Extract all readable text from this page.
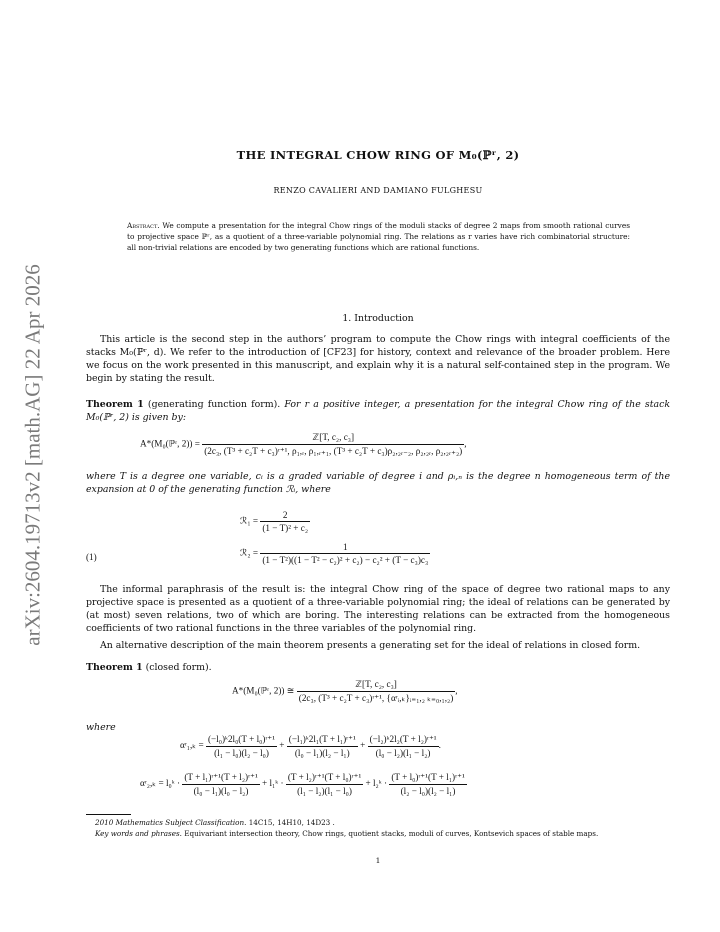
arXiv:2604.19713v2 [math.AG] 22 Apr 2026
THE INTEGRAL CHOW RING OF M₀(ℙʳ, 2)
RENZO CAVALIERI AND DAMIANO FULGHESU
Abstract. We compute a presentation for the integral Chow rings of the moduli stacks of degree 2 maps from smooth rational curves to projective space ℙʳ, as a quotient of a three-variable polynomial ring. The relations as r varies have rich combinatorial structure: all non-trivial relations are encoded by two generating functions which are rational functions.
1. Introduction
This article is the second step in the authors’ program to compute the Chow rings with integral coefficients of the stacks M₀(ℙʳ, d). We refer to the introduction of [CF23] for history, context and relevance of the broader problem. Here we focus on the work presented in this manuscript, and explain why it is a natural self-contained step in the program. We begin by stating the result.
Theorem 1 (generating function form). For r a positive integer, a presentation for the integral Chow ring of the stack M₀(ℙʳ, 2) is given by:
A*(M₀(ℙʳ, 2)) =
ℤ[T, c₂, c₃]
(2c₃, (T³ + c₂T + c₃)ʳ⁺¹, ρ₁,ᵣ, ρ₁,ᵣ₊₁, (T³ + c₂T + c₃)ρ₂,₂ᵣ₋₂, ρ₂,₂ᵣ, ρ₂,₂ᵣ₊₂)
,
where T is a degree one variable, cᵢ is a graded variable of degree i and ρᵢ,ₙ is the degree n homogeneous term of the expansion at 0 of the generating function ℛᵢ, where
(1)
ℛ₁ = $\frac{2}{\text{(1 − T)² + c₂}}$
ℛ₂ = $\frac{1}{\text{(1 − T²)((1 − T² − c₂)² + c₂) − c₂² + (T − c₃)c₃}}$
The informal paraphrasis of the result is: the integral Chow ring of the space of degree two rational maps to any projective space is presented as a quotient of a three-variable polynomial ring; the ideal of relations can be generated by (at most) seven relations, two of which are boring. The interesting relations can be extracted from the homogeneous coefficients of two rational functions in the three variables of the polynomial ring.
An alternative description of the main theorem presents a generating set for the ideal of relations in closed form.
Theorem 1 (closed form).
A*(M₀(ℙʳ, 2)) ≅ $\frac{\text{ℤ[T, c₂, c₃]}}{\text{(2c₃, (T³ + c₂T + c₃)ʳ⁺¹, \{αʳᵢ,ₖ\}ᵢ₌₁,₂ ₖ₌₀,₁,₂)}}$ ,
where
αʳ₁,ₖ = $\frac{\text{(−l₀)ᵏ2l₀(T + l₀)ʳ⁺¹}}{\text{(l₁ − l₀)(l₂ − l₀)}} + \frac{\text{(−l₁)ᵏ2l₁(T + l₁)ʳ⁺¹}}{\text{(l₀ − l₁)(l₂ − l₁)}} + \frac{\text{(−l₂)ᵏ2l₂(T + l₂)ʳ⁺¹}}{\text{(l₀ − l₂)(l₁ − l₂)}}$ .
αʳ₂,ₖ = l₀ᵏ · $\frac{\text{(T + l₁)ʳ⁺¹(T + l₂)ʳ⁺¹}}{\text{(l₀ − l₁)(l₀ − l₂)}}$ + l₁ᵏ · $\frac{\text{(T + l₂)ʳ⁺¹(T + l₀)ʳ⁺¹}}{\text{(l₁ − l₂)(l₁ − l₀)}}$ + l₂ᵏ · $\frac{\text{(T + l₀)ʳ⁺¹(T + l₁)ʳ⁺¹}}{\text{(l₂ − l₀)(l₂ − l₁)}}$
2010 Mathematics Subject Classification. 14C15, 14H10, 14D23 .
Key words and phrases. Equivariant intersection theory, Chow rings, quotient stacks, moduli of curves, Kontsevich spaces of stable maps.
1
